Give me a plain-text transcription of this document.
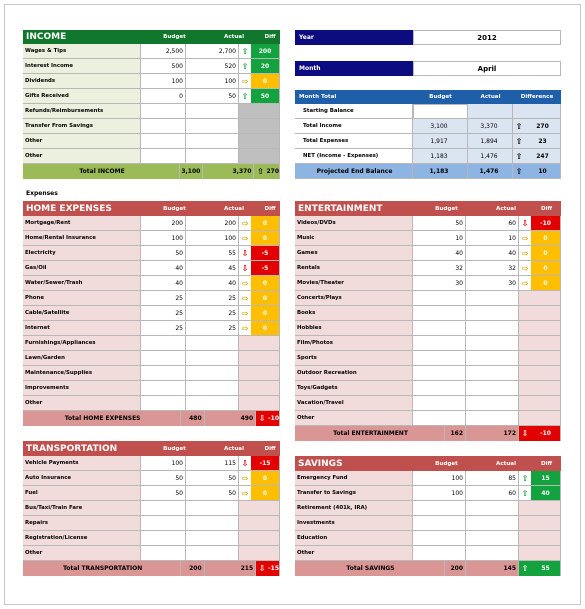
INCOME	Budget	Actual	Diff
Wages & Tips	2,500	2,700 ⇧	200
Interest Income	500	520 ⇧	20
Dividends	100	100 ⇨	0
Gifts Received	0	50 ⇧	50
Refunds/Reimbursements
Transfer From Savings
Other
Other
Total INCOME	3,100	3,370 ⇧ 270
Year	2012
Month	April
Month Total	Budget	Actual	Difference
Starting Balance
Total Income	3,100	3,370	⇧	270
Total Expenses	1,917	1,894	⇧	23
NET (Income - Expenses)	1,183	1,476	⇧	247
Projected End Balance	1,183	1,476	⇧	10
Expenses
HOME EXPENSES	Budget	Actual	Diff
Mortgage/Rent	200	200 ⇨	0
Home/Rental Insurance	100	100 ⇨	0
Electricity	50	55 ⇩	-5
Gas/Oil	40	45 ⇩	-5
Water/Sewer/Trash	40	40 ⇨	0
Phone	25	25 ⇨	0
Cable/Satellite	25	25 ⇨	0
Internet	25	25 ⇨	0
Furnishings/Appliances
Lawn/Garden
Maintenance/Supplies
Improvements
Other
Total HOME EXPENSES	480	490 ⇩ -10
ENTERTAINMENT	Budget	Actual	Diff
Videos/DVDs	50	60 ⇩	-10
Music	10	10 ⇨	0
Games	40	40 ⇨	0
Rentals	32	32 ⇨	0
Movies/Theater	30	30 ⇨	0
Concerts/Plays
Books
Hobbies
Film/Photos
Sports
Outdoor Recreation
Toys/Gadgets
Vacation/Travel
Other
Total ENTERTAINMENT	162	172 ⇩	-10
TRANSPORTATION	Budget	Actual	Diff
Vehicle Payments	100	115 ⇩	-15
Auto Insurance	50	50 ⇨	0
Fuel	50	50 ⇨	0
Bus/Taxi/Train Fare
Repairs
Registration/License
Other
Total TRANSPORTATION	200	215 ⇩ -15
SAVINGS	Budget	Actual	Diff
Emergency Fund	100	85 ⇧	15
Transfer to Savings	100	60 ⇧	40
Retirement (401k, IRA)
Investments
Education
Other
Total SAVINGS	200	145 ⇧	55
